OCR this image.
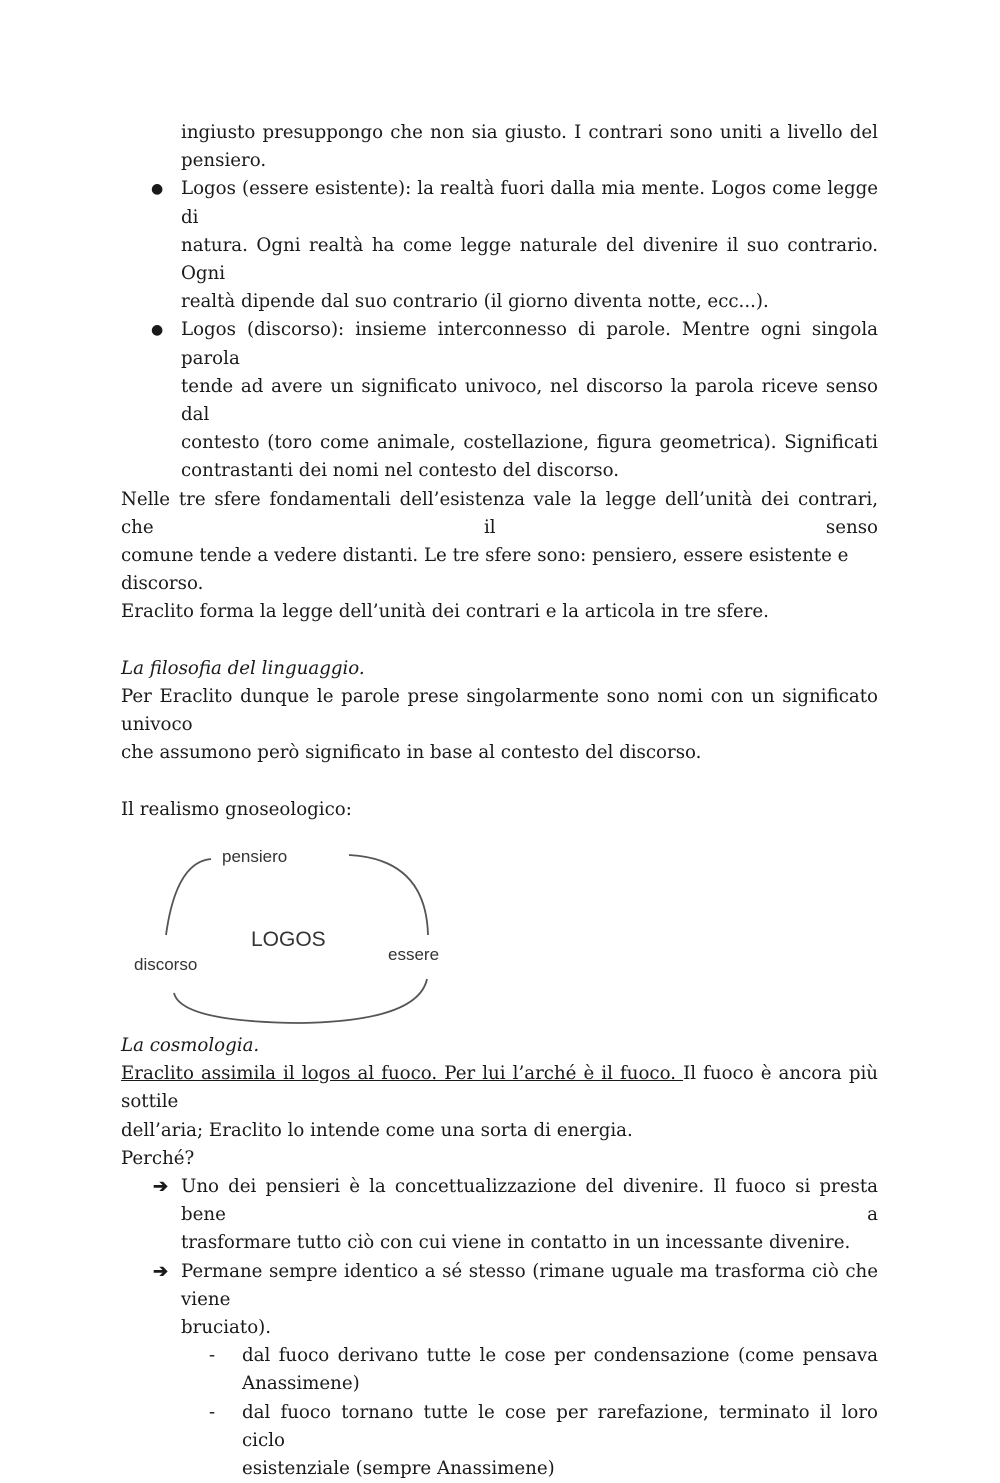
ingiusto presuppongo che non sia giusto. I contrari sono uniti a livello del

pensiero.

● Logos (essere esistente): la realtà fuori dalla mia mente. Logos come legge di

natura. Ogni realtà ha come legge naturale del divenire il suo contrario. Ogni

realtà dipende dal suo contrario (il giorno diventa notte, ecc...).

● Logos (discorso): insieme interconnesso di parole. Mentre ogni singola parola

tende ad avere un significato univoco, nel discorso la parola riceve senso dal

contesto (toro come animale, costellazione, figura geometrica). Significati

contrastanti dei nomi nel contesto del discorso.

Nelle tre sfere fondamentali dell’esistenza vale la legge dell’unità dei contrari, che il senso

comune tende a vedere distanti. Le tre sfere sono: pensiero, essere esistente e discorso.

Eraclito forma la legge dell’unità dei contrari e la articola in tre sfere.

La filosofia del linguaggio.

Per Eraclito dunque le parole prese singolarmente sono nomi con un significato univoco

che assumono però significato in base al contesto del discorso.

Il realismo gnoseologico:

pensiero
LOGOS
essere
discorso

La cosmologia.

Eraclito assimila il logos al fuoco. Per lui l’arché è il fuoco. Il fuoco è ancora più sottile

dell’aria; Eraclito lo intende come una sorta di energia.

Perché?

➔ Uno dei pensieri è la concettualizzazione del divenire. Il fuoco si presta bene a

trasformare tutto ciò con cui viene in contatto in un incessante divenire.

➔ Permane sempre identico a sé stesso (rimane uguale ma trasforma ciò che viene

bruciato).

- dal fuoco derivano tutte le cose per condensazione (come pensava

Anassimene)

- dal fuoco tornano tutte le cose per rarefazione, terminato il loro ciclo

esistenziale (sempre Anassimene)
